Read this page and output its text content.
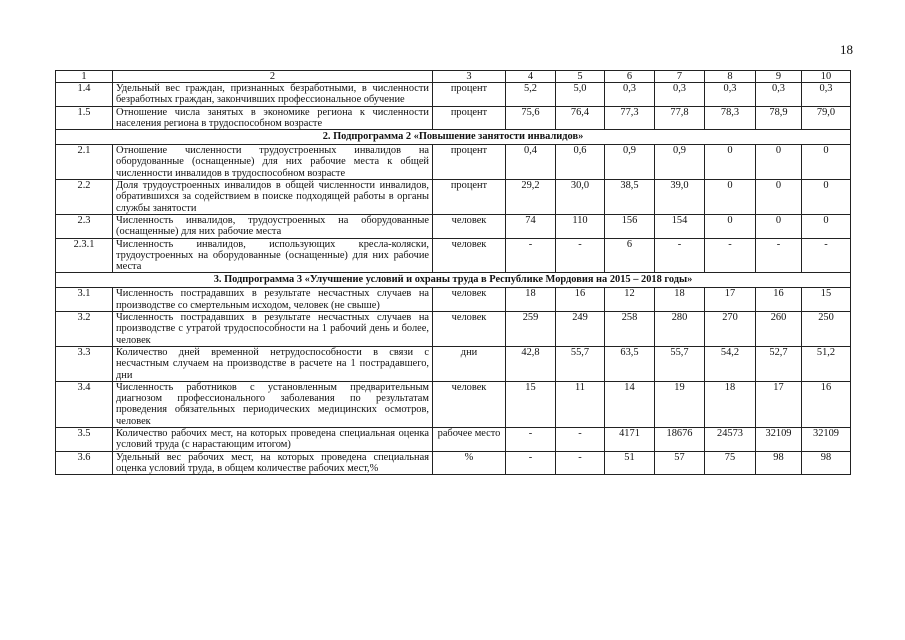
18
1	2	3	4	5	6	7	8	9	10
1.4	Удельный вес граждан, признанных безработными, в численности безработных граждан, закончивших профессиональное обучение	процент	5,2	5,0	0,3	0,3	0,3	0,3	0,3
1.5	Отношение числа занятых в экономике региона к численности населения региона в трудоспособном возрасте	процент	75,6	76,4	77,3	77,8	78,3	78,9	79,0
2. Подпрограмма 2 «Повышение занятости инвалидов»									
2.1	Отношение численности трудоустроенных инвалидов на оборудованные (оснащенные) для них рабочие места к общей численности инвалидов в трудоспособном возрасте	процент	0,4	0,6	0,9	0,9	0	0	0
2.2	Доля трудоустроенных инвалидов в общей численности инвалидов, обратившихся за содействием в поиске подходящей работы в органы службы занятости	процент	29,2	30,0	38,5	39,0	0	0	0
2.3	Численность инвалидов, трудоустроенных на оборудованные (оснащенные) для них рабочие места	человек	74	110	156	154	0	0	0
2.3.1	Численность инвалидов, использующих кресла-коляски, трудоустроенных на оборудованные (оснащенные) для них рабочие места	человек	-	-	6	-	-	-	-
3. Подпрограмма 3 «Улучшение условий и охраны труда в Республике Мордовия на 2015 – 2018 годы»									
3.1	Численность пострадавших в результате несчастных случаев на производстве со смертельным исходом, человек (не свыше)	человек	18	16	12	18	17	16	15
3.2	Численность пострадавших в результате несчастных случаев на производстве с утратой трудоспособности на 1 рабочий день и более, человек	человек	259	249	258	280	270	260	250
3.3	Количество дней временной нетрудоспособности в связи с несчастным случаем на производстве в расчете на 1 пострадавшего, дни	дни	42,8	55,7	63,5	55,7	54,2	52,7	51,2
3.4	Численность работников с установленным предварительным диагнозом профессионального заболевания по результатам проведения обязательных периодических медицинских осмотров, человек	человек	15	11	14	19	18	17	16
3.5	Количество рабочих мест, на которых проведена специальная оценка условий труда (с нарастающим итогом)	рабочее место	-	-	4171	18676	24573	32109	32109
3.6	Удельный вес рабочих мест, на которых проведена специальная оценка условий труда, в общем количестве рабочих мест,%	%	-	-	51	57	75	98	98
